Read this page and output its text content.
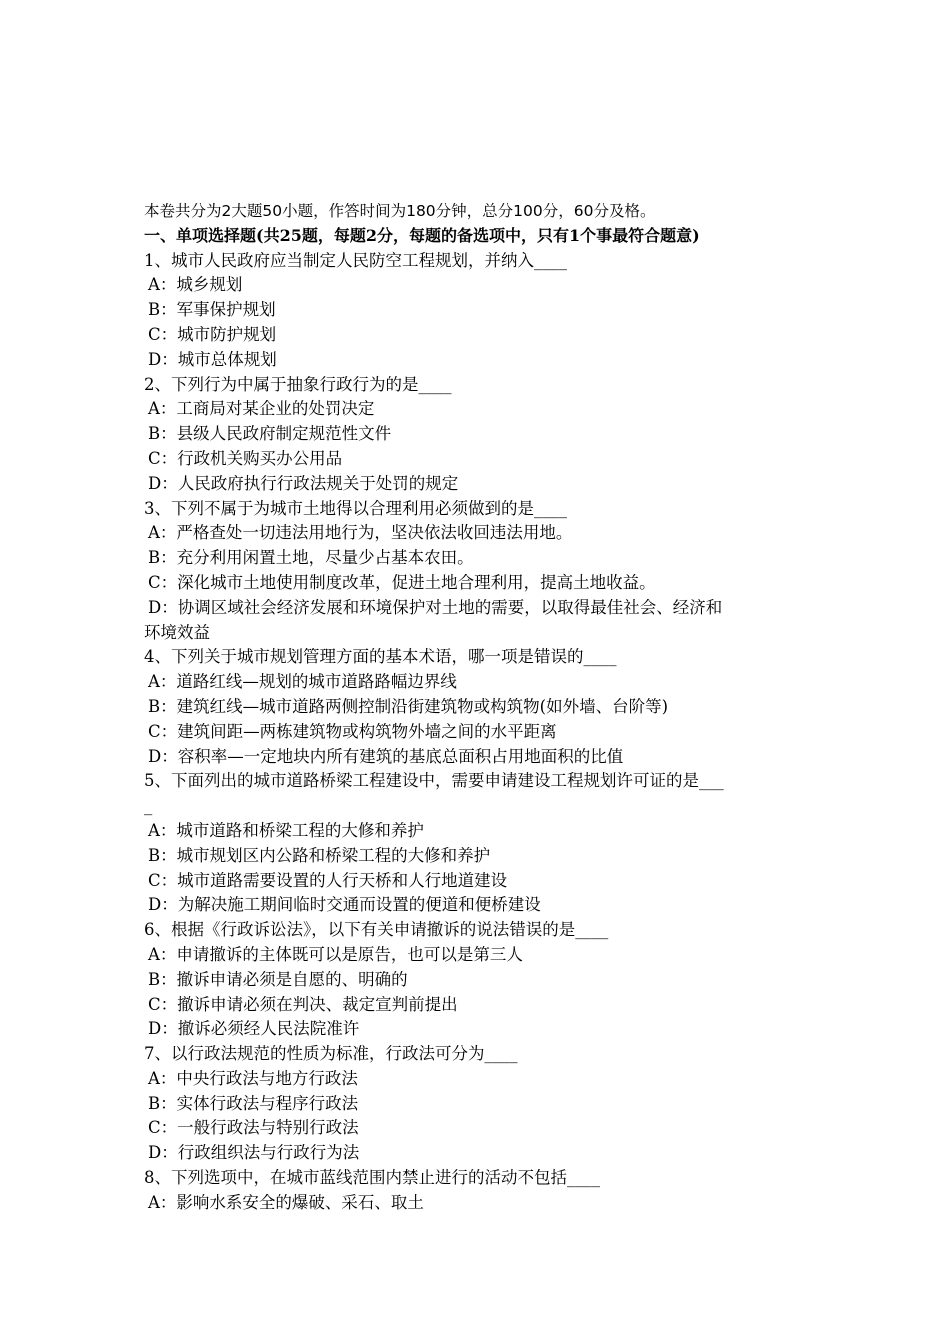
本卷共分为2大题50小题，作答时间为180分钟，总分100分，60分及格。
一、单项选择题(共25题，每题2分，每题的备选项中，只有1个事最符合题意)
1、城市人民政府应当制定人民防空工程规划，并纳入____
A：城乡规划
B：军事保护规划
C：城市防护规划
D：城市总体规划
2、下列行为中属于抽象行政行为的是____
A：工商局对某企业的处罚决定
B：县级人民政府制定规范性文件
C：行政机关购买办公用品
D：人民政府执行行政法规关于处罚的规定
3、下列不属于为城市土地得以合理利用必须做到的是____
A：严格查处一切违法用地行为，坚决依法收回违法用地。
B：充分利用闲置土地，尽量少占基本农田。
C：深化城市土地使用制度改革，促进土地合理利用，提高土地收益。
D：协调区域社会经济发展和环境保护对土地的需要，以取得最佳社会、经济和
环境效益
4、下列关于城市规划管理方面的基本术语，哪一项是错误的____
A：道路红线—规划的城市道路路幅边界线
B：建筑红线—城市道路两侧控制沿街建筑物或构筑物(如外墙、台阶等)
C：建筑间距—两栋建筑物或构筑物外墙之间的水平距离
D：容积率—一定地块内所有建筑的基底总面积占用地面积的比值
5、下面列出的城市道路桥梁工程建设中，需要申请建设工程规划许可证的是___
_
A：城市道路和桥梁工程的大修和养护
B：城市规划区内公路和桥梁工程的大修和养护
C：城市道路需要设置的人行天桥和人行地道建设
D：为解决施工期间临时交通而设置的便道和便桥建设
6、根据《行政诉讼法》，以下有关申请撤诉的说法错误的是____
A：申请撤诉的主体既可以是原告，也可以是第三人
B：撤诉申请必须是自愿的、明确的
C：撤诉申请必须在判决、裁定宣判前提出
D：撤诉必须经人民法院准许
7、以行政法规范的性质为标准，行政法可分为____
A：中央行政法与地方行政法
B：实体行政法与程序行政法
C：一般行政法与特别行政法
D：行政组织法与行政行为法
8、下列选项中，在城市蓝线范围内禁止进行的活动不包括____
A：影响水系安全的爆破、采石、取土
